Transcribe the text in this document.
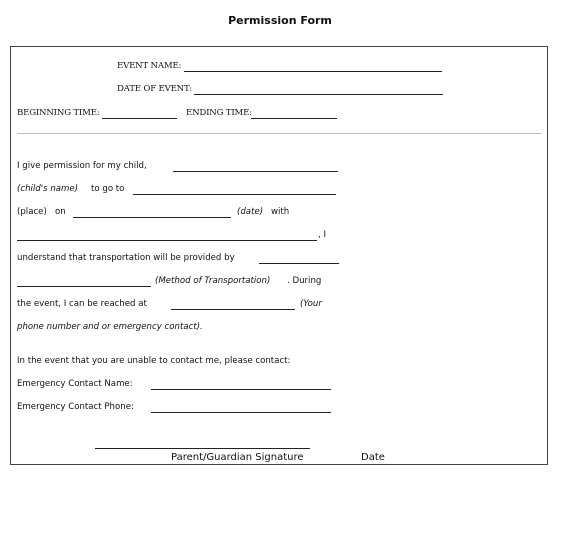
Permission Form
EVENT NAME:
DATE OF EVENT:
BEGINNING TIME:	ENDING TIME:
I give permission for my child,
(child's name) to go to
(place) on	(date) with
, I
understand that transportation will be provided by
(Method of Transportation) . During
the event, I can be reached at	(Your
phone number and or emergency contact).
In the event that you are unable to contact me, please contact:
Emergency Contact Name:
Emergency Contact Phone:
Parent/Guardian Signature	Date
